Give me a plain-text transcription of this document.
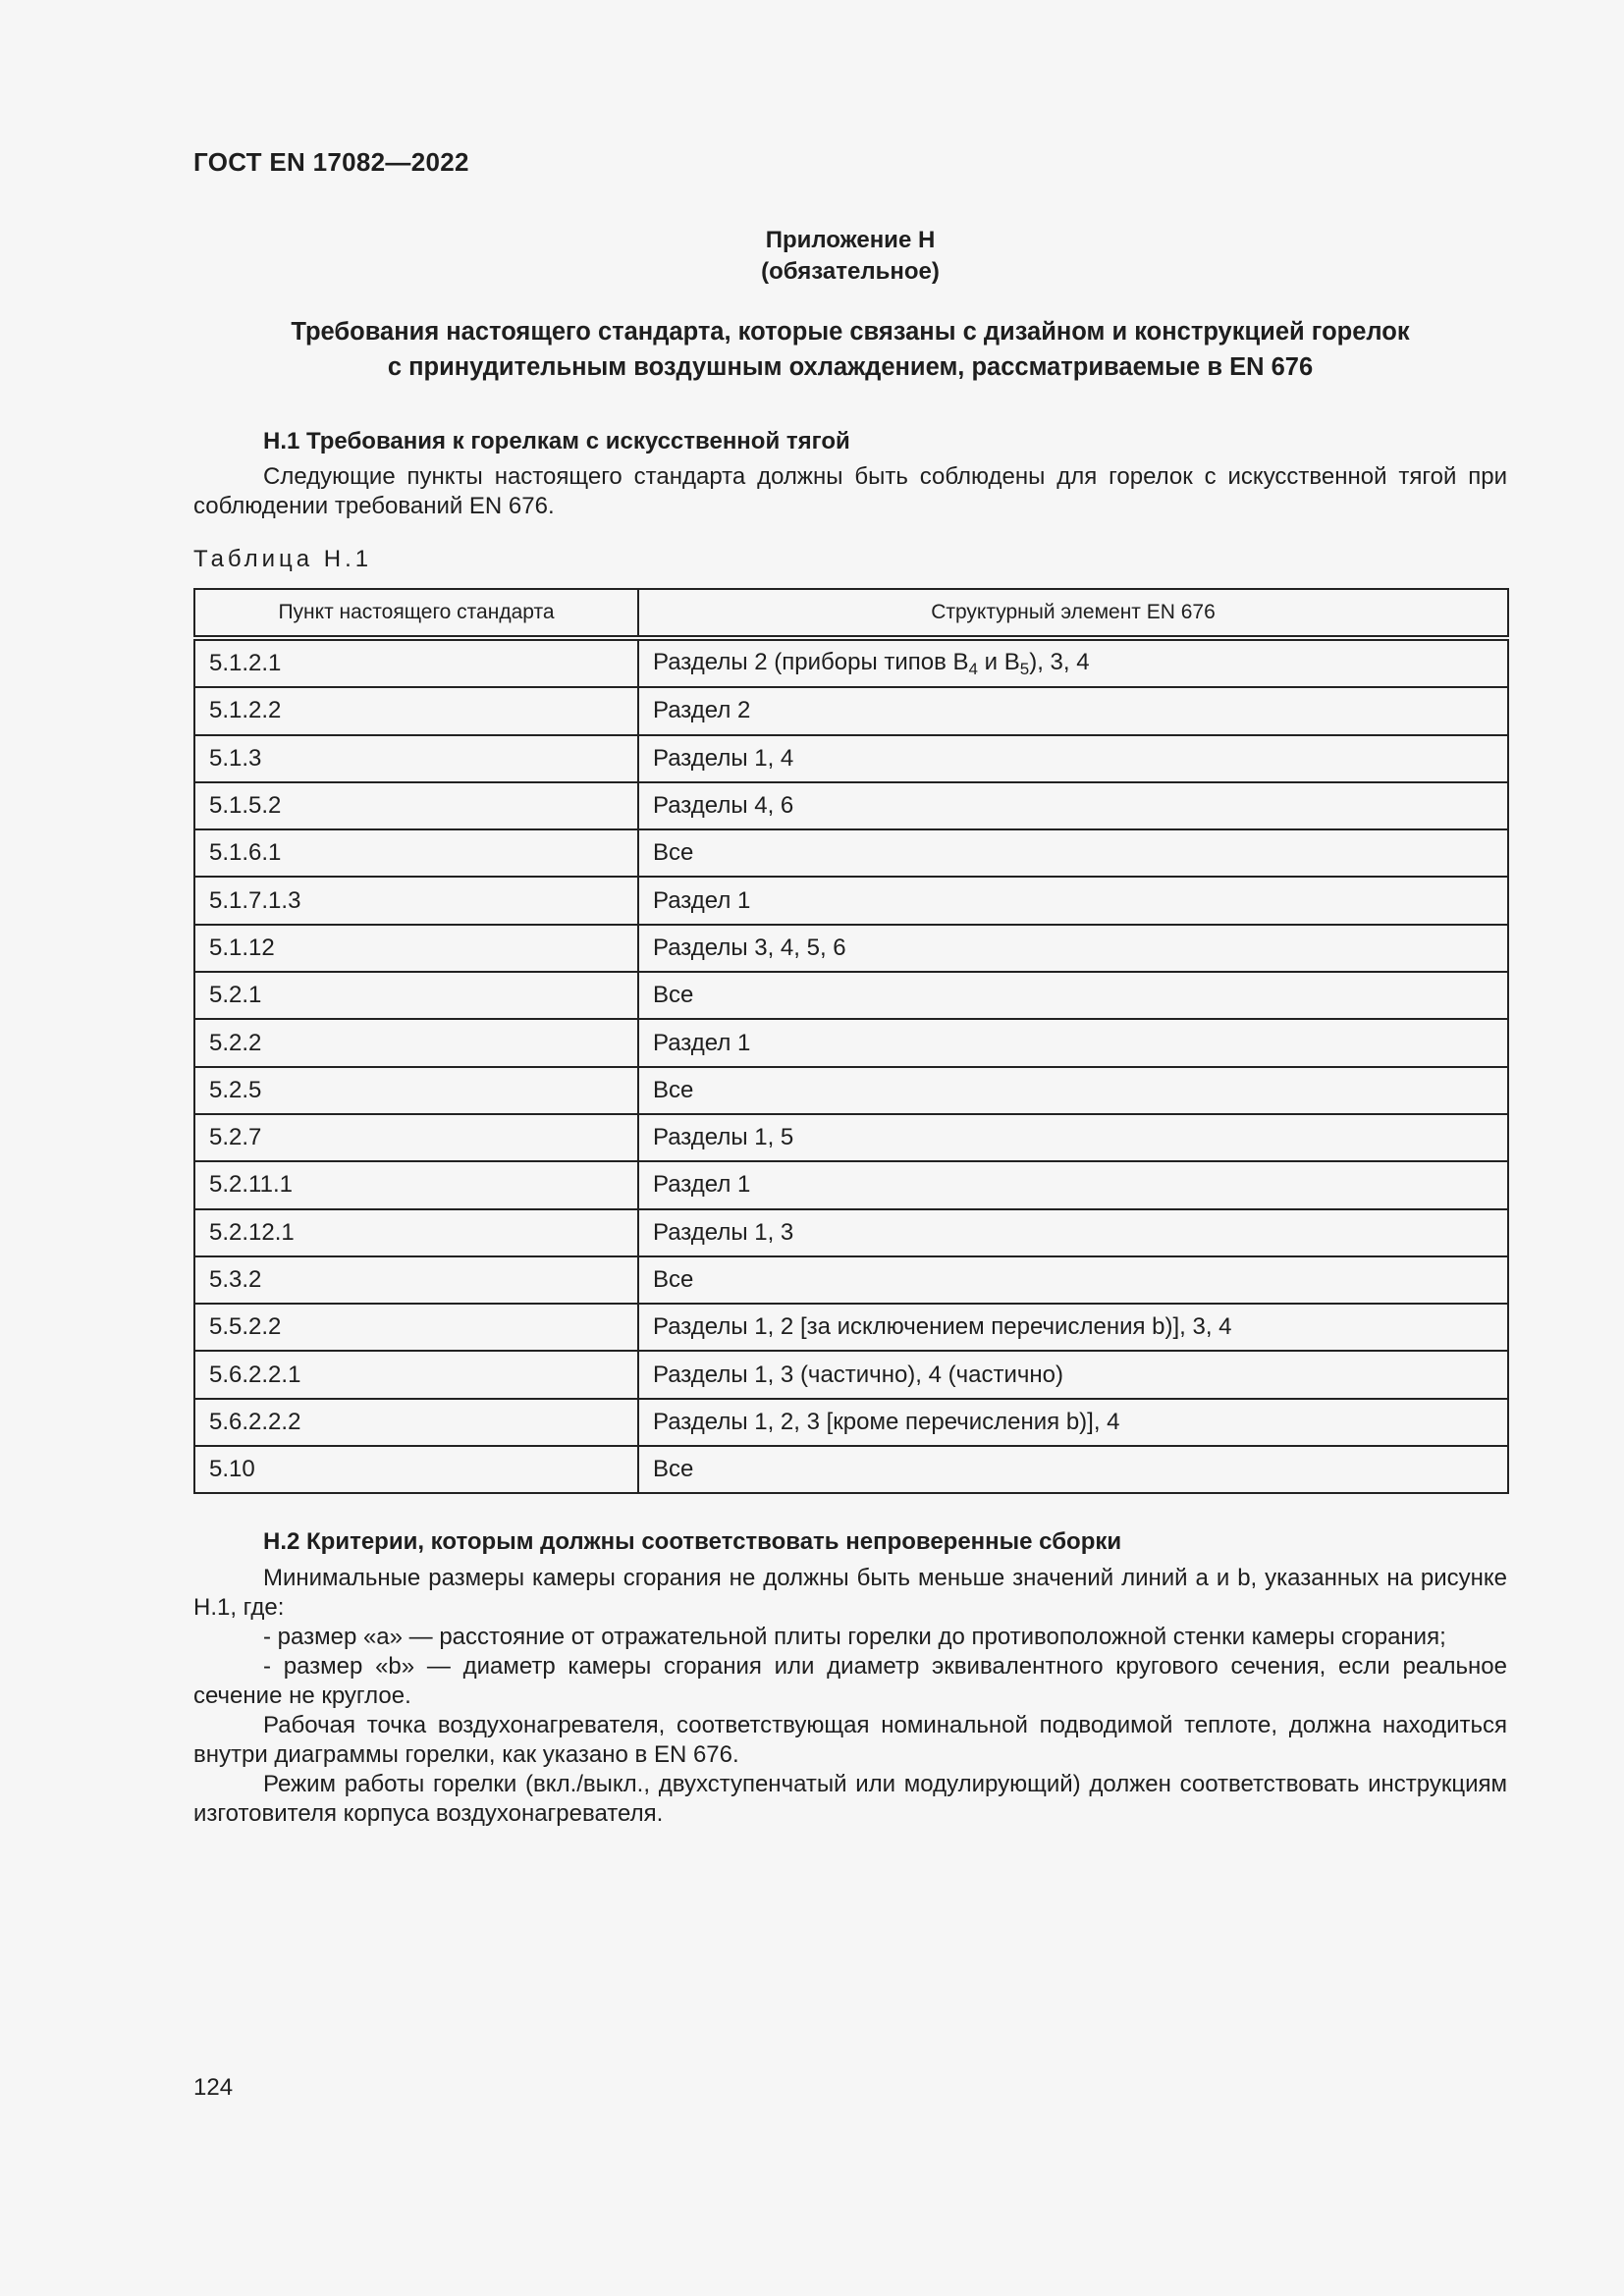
ГОСТ EN 17082—2022
Приложение Н
(обязательное)
Требования настоящего стандарта, которые связаны с дизайном и конструкцией горелок
с принудительным воздушным охлаждением, рассматриваемые в EN 676
Н.1 Требования к горелкам с искусственной тягой
Следующие пункты настоящего стандарта должны быть соблюдены для горелок с искусственной тягой при соблюдении требований EN 676.
Таблица Н.1
Пункт настоящего стандарта	Структурный элемент EN 676
5.1.2.1	Разделы 2 (приборы типов $B_4$ и $B_5$), 3, 4
5.1.2.2	Раздел 2
5.1.3	Разделы 1, 4
5.1.5.2	Разделы 4, 6
5.1.6.1	Все
5.1.7.1.3	Раздел 1
5.1.12	Разделы 3, 4, 5, 6
5.2.1	Все
5.2.2	Раздел 1
5.2.5	Все
5.2.7	Разделы 1, 5
5.2.11.1	Раздел 1
5.2.12.1	Разделы 1, 3
5.3.2	Все
5.5.2.2	Разделы 1, 2 [за исключением перечисления b)], 3, 4
5.6.2.2.1	Разделы 1, 3 (частично), 4 (частично)
5.6.2.2.2	Разделы 1, 2, 3 [кроме перечисления b)], 4
5.10	Все
Н.2 Критерии, которым должны соответствовать непроверенные сборки
Минимальные размеры камеры сгорания не должны быть меньше значений линий a и b, указанных на рисунке Н.1, где:
- размер «a» — расстояние от отражательной плиты горелки до противоположной стенки камеры сгорания;
- размер «b» — диаметр камеры сгорания или диаметр эквивалентного кругового сечения, если реальное сечение не круглое.
Рабочая точка воздухонагревателя, соответствующая номинальной подводимой теплоте, должна находиться внутри диаграммы горелки, как указано в EN 676.
Режим работы горелки (вкл./выкл., двухступенчатый или модулирующий) должен соответствовать инструкциям изготовителя корпуса воздухонагревателя.
124
